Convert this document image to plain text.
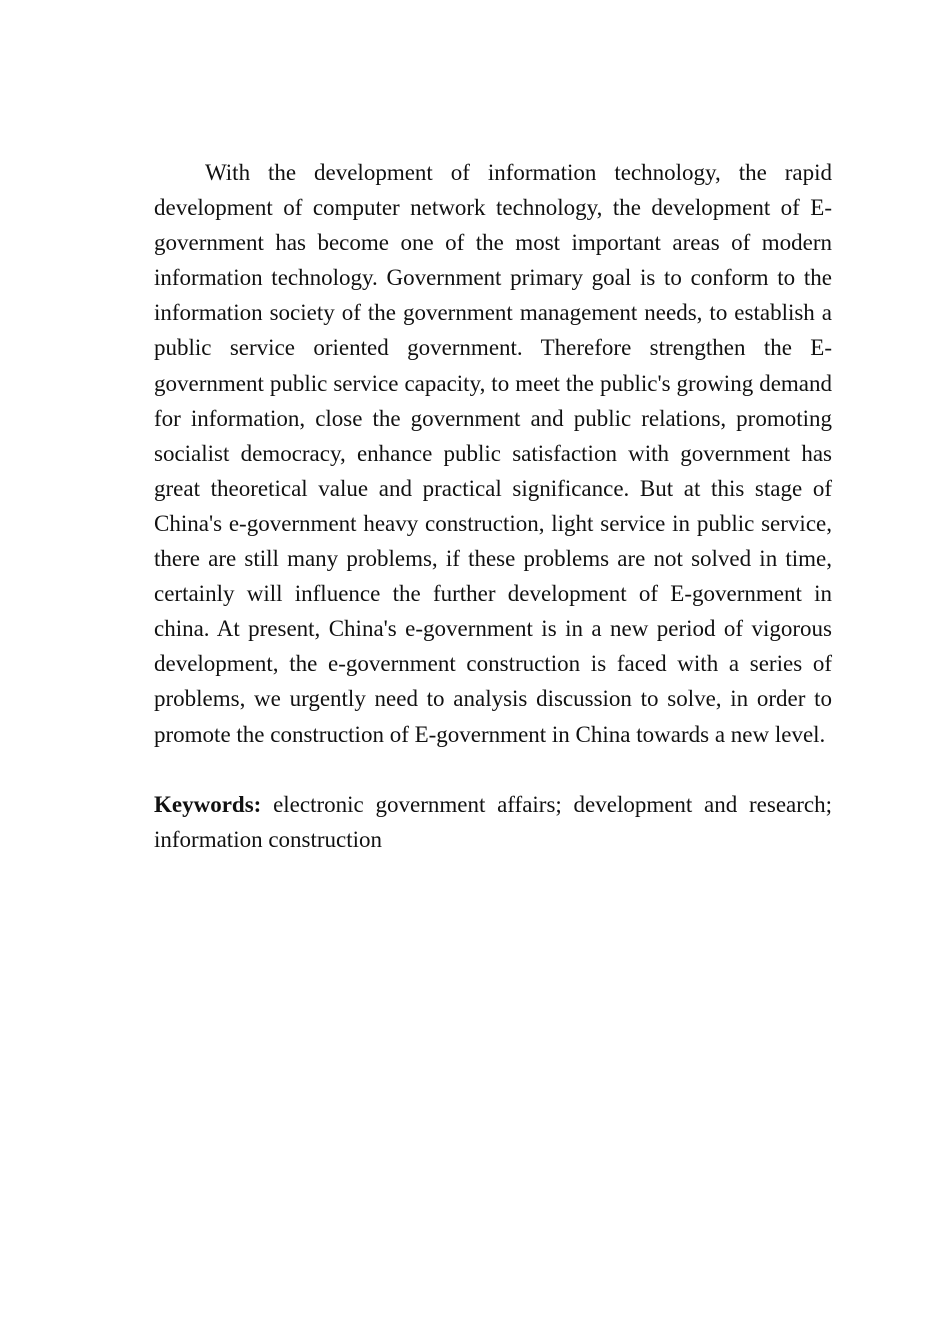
With the development of information technology, the rapid development of computer network technology, the development of E-government has become one of the most important areas of modern information technology. Government primary goal is to conform to the information society of the government management needs, to establish a public service oriented government. Therefore strengthen the E-government public service capacity, to meet the public's growing demand for information, close the government and public relations, promoting socialist democracy, enhance public satisfaction with government has great theoretical value and practical significance. But at this stage of China's e-government heavy construction, light service in public service, there are still many problems, if these problems are not solved in time, certainly will influence the further development of E-government in china. At present, China's e-government is in a new period of vigorous development, the e-government construction is faced with a series of problems, we urgently need to analysis discussion to solve, in order to promote the construction of E-government in China towards a new level.

Keywords: electronic government affairs; development and research; information construction
